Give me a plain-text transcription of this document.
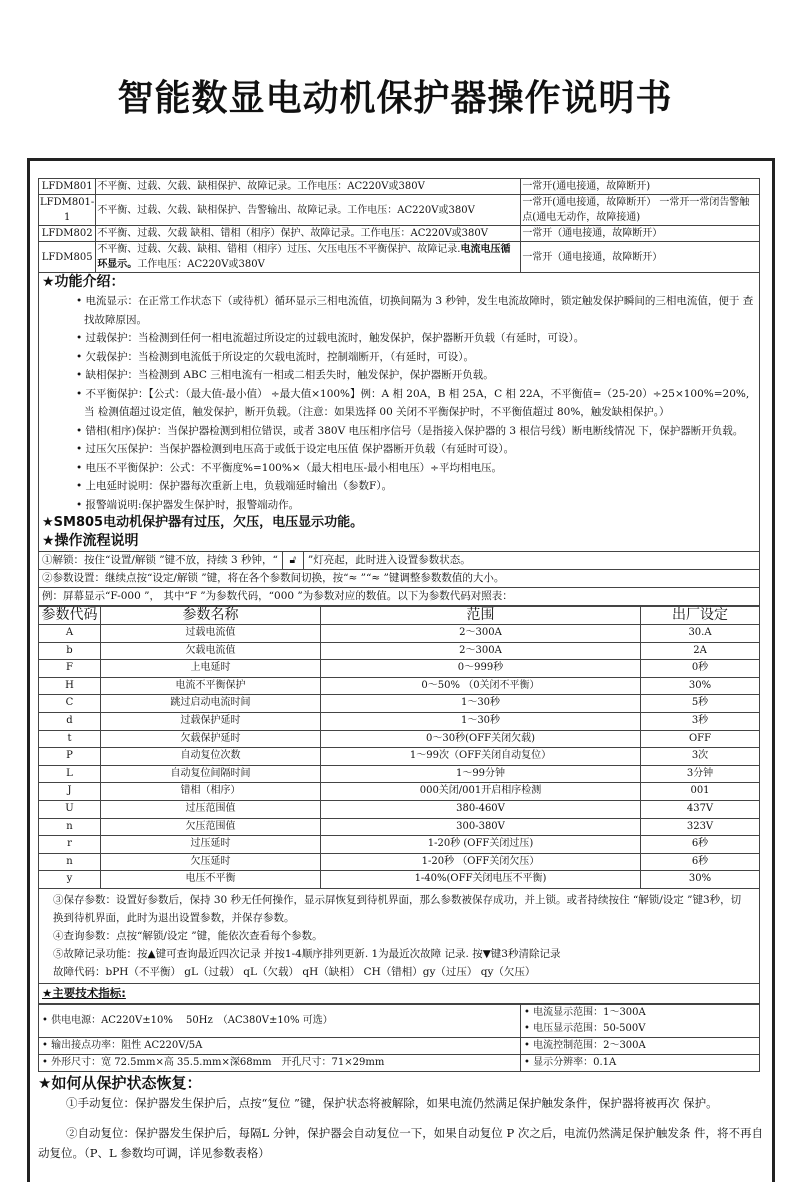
智能数显电动机保护器操作说明书
LFDM801	不平衡、过载、欠载、缺相保护、故障记录。工作电压：AC220V或380V	一常开(通电接通，故障断开)
LFDM801-1	不平衡、过载、欠载、缺相保护、告警输出、故障记录。工作电压：AC220V或380V	一常开(通电接通，故障断开） 一常开一常闭告警触点(通电无动作，故障接通)
LFDM802	不平衡、过载、欠载 缺相、错相（相序）保护、故障记录。工作电压：AC220V或380V	一常开（通电接通，故障断开）
LFDM805	不平衡、过载、欠载、缺相、错相（相序）过压、欠压电压不平衡保护、故障记录.电流电压循环显示。工作电压：AC220V或380V	一常开（通电接通，故障断开）
★功能介绍：
• 电流显示：在正常工作状态下（或待机）循环显示三相电流值，切换间隔为 3 秒钟，发生电流故障时，锁定触发保护瞬间的三相电流值，便于 查找故障原因。
• 过载保护：当检测到任何一相电流超过所设定的过载电流时，触发保护，保护器断开负载（有延时，可设）。
• 欠载保护：当检测到电流低于所设定的欠载电流时，控制端断开，（有延时，可设）。
• 缺相保护：当检测到 ABC 三相电流有一相或二相丢失时，触发保护，保护器断开负载。
• 不平衡保护：【公式：（最大值-最小值） ÷最大值×100%】例：A 相 20A，B 相 25A，C 相 22A，不平衡值=（25-20）÷25×100%=20%,当 检测值超过设定值，触发保护，断开负载。（注意：如果选择 00 关闭不平衡保护时，不平衡值超过 80%，触发缺相保护。）
• 错相(相序)保护：当保护器检测到相位错误，或者 380V 电压相序信号（是指接入保护器的 3 根信号线）断电断线情况 下，保护器断开负载。
• 过压欠压保护：当保护器检测到电压高于或低于设定电压值 保护器断开负载（有延时可设）。
• 电压不平衡保护：公式：不平衡度%=100%×（最大相电压-最小相电压）÷平均相电压。
• 上电延时说明：保护器每次重新上电，负载端延时输出（参数F）。
• 报警端说明:保护器发生保护时，报警端动作。
★SM805电动机保护器有过压，欠压，电压显示功能。
★操作流程说明
①解锁：按住“设置/解锁 ”键不放，持续 3 秒钟，“	🔓︎	”灯亮起，此时进入设置参数状态。
②参数设置：继续点按“设定/解锁 ”键，将在各个参数间切换，按“≈ ”“≈ ”键调整参数数值的大小。
例：屏幕显示“F-000 ”， 其中“F ”为参数代码，“000 ”为参数对应的数值。以下为参数代码对照表：
参数代码	参数名称	范围	出厂设定
A	过载电流值	2～300A	30.A
b	欠载电流值	2～300A	2A
F	上电延时	0～999秒	0秒
H	电流不平衡保护	0～50% （0关闭不平衡）	30%
C	跳过启动电流时间	1～30秒	5秒
d	过载保护延时	1～30秒	3秒
t	欠载保护延时	0～30秒(OFF关闭欠载)	OFF
P	自动复位次数	1～99次（OFF关闭自动复位）	3次
L	自动复位间隔时间	1～99分钟	3分钟
J	错相（相序）	000关闭/001开启相序检测	001
U	过压范围值	380-460V	437V
n	欠压范围值	300-380V	323V
r	过压延时	1-20秒 (OFF关闭过压)	6秒
n	欠压延时	1-20秒 （OFF关闭欠压）	6秒
y	电压不平衡	1-40%(OFF关闭电压不平衡)	30%
③保存参数：设置好参数后，保持 30 秒无任何操作，显示屏恢复到待机界面，那么参数被保存成功，并上锁。或者持续按住 “解锁/设定 ”键3秒，切换到待机界面，此时为退出设置参数，并保存参数。
④查询参数：点按“解锁/设定 ”键，能依次查看每个参数。
⑤故障记录功能：按▲键可查询最近四次记录 并按1-4顺序排列更新. 1为最近次故障 记录. 按▼键3秒清除记录
故障代码：bPH（不平衡） gL（过载） qL（欠载） qH（缺相） CH（错相）gy（过压） qy（欠压）
★主要技术指标:
• 供电电源：AC220V±10%　 50Hz　（AC380V±10% 可选）	• 电流显示范围：1～300A
• 电压显示范围：50-500V

• 输出接点功率：阻性 AC220V/5A	• 电流控制范围：2～300A
• 外形尺寸：宽 72.5mm×高 35.5.mm×深68mm　开孔尺寸：71×29mm	• 显示分辨率：0.1A
★如何从保护状态恢复：

①手动复位：保护器发生保护后，点按“复位 ”键，保护状态将被解除，如果电流仍然满足保护触发条件，保护器将被再次 保护。

②自动复位：保护器发生保护后，每隔L 分钟，保护器会自动复位一下，如果自动复位 P 次之后，电流仍然满足保护触发条 件，将不再自动复位。（P、L 参数均可调，详见参数表格）
